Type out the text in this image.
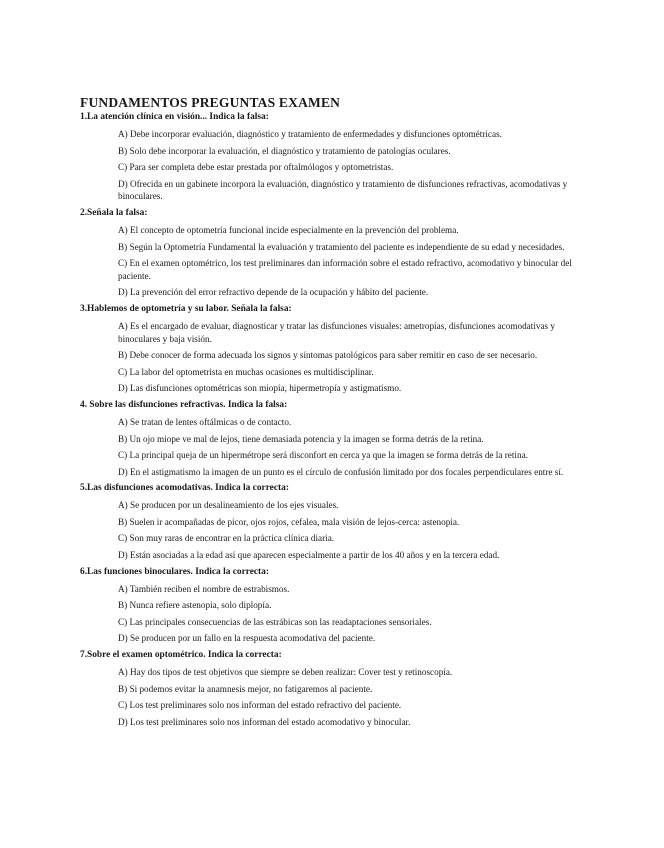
FUNDAMENTOS PREGUNTAS EXAMEN

1.La atención clínica en visión... Indica la falsa:

A) Debe incorporar evaluación, diagnóstico y tratamiento de enfermedades y disfunciones optométricas.
B) Solo debe incorporar la evaluación, el diagnóstico y tratamiento de patologías oculares.
C) Para ser completa debe estar prestada por oftalmólogos y optometristas.
D) Ofrecida en un gabinete incorpora la evaluación, diagnóstico y tratamiento de disfunciones refractivas, acomodativas y binoculares.

2.Señala la falsa:

A) El concepto de optometría funcional incide especialmente en la prevención del problema.
B) Según la Optometría Fundamental la evaluación y tratamiento del paciente es independiente de su edad y necesidades.
C) En el examen optométrico, los test preliminares dan información sobre el estado refractivo, acomodativo y binocular del paciente.
D) La prevención del error refractivo depende de la ocupación y hábito del paciente.

3.Hablemos de optometría y su labor. Señala la falsa:

A) Es el encargado de evaluar, diagnosticar y tratar las disfunciones visuales: ametropías, disfunciones acomodativas y binoculares y baja visión.
B) Debe conocer de forma adecuada los signos y síntomas patológicos para saber remitir en caso de ser necesario.
C) La labor del optometrista en muchas ocasiones es multidisciplinar.
D) Las disfunciones optométricas son miopía, hipermetropía y astigmatismo.

4. Sobre las disfunciones refractivas. Indica la falsa:

A) Se tratan de lentes oftálmicas o de contacto.
B) Un ojo miope ve mal de lejos, tiene demasiada potencia y la imagen se forma detrás de la retina.
C) La principal queja de un hipermétrope será disconfort en cerca ya que la imagen se forma detrás de la retina.
D) En el astigmatismo la imagen de un punto es el círculo de confusión limitado por dos focales perpendiculares entre sí.

5.Las disfunciones acomodativas. Indica la correcta:

A) Se producen por un desalineamiento de los ejes visuales.
B) Suelen ir acompañadas de picor, ojos rojos, cefalea, mala visión de lejos-cerca: astenopia.
C) Son muy raras de encontrar en la práctica clínica diaria.
D) Están asociadas a la edad así que aparecen especialmente a partir de los 40 años y en la tercera edad.

6.Las funciones binoculares. Indica la correcta:

A) También reciben el nombre de estrabismos.
B) Nunca refiere astenopia, solo diplopía.
C) Las principales consecuencias de las estrábicas son las readaptaciones sensoriales.
D) Se producen por un fallo en la respuesta acomodativa del paciente.

7.Sobre el examen optométrico. Indica la correcta:

A) Hay dos tipos de test objetivos que siempre se deben realizar: Cover test y retinoscopía.
B) Si podemos evitar la anamnesis mejor, no fatigaremos al paciente.
C) Los test preliminares solo nos informan del estado refractivo del paciente.
D) Los test preliminares solo nos informan del estado acomodativo y binocular.
